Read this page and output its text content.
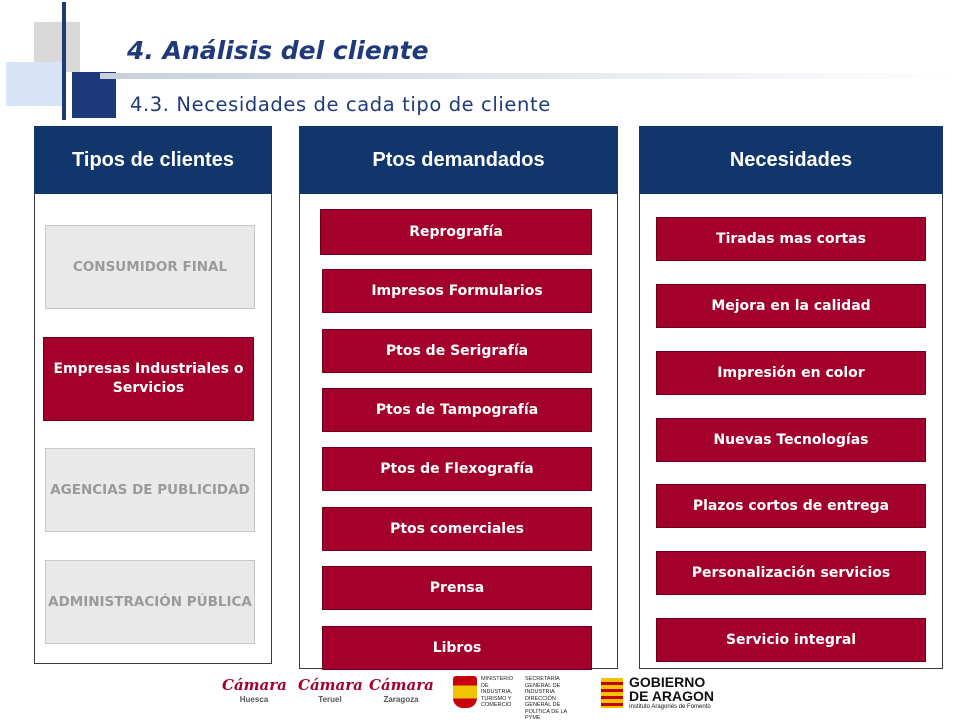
4. Análisis del cliente
4.3. Necesidades de cada tipo de cliente
Tipos de clientes
CONSUMIDOR FINAL
Empresas Industriales o Servicios
AGENCIAS DE PUBLICIDAD
ADMINISTRACIÓN PÚBLICA
Ptos demandados
Reprografía
Impresos Formularios
Ptos de Serigrafía
Ptos de Tampografía
Ptos de Flexografía
Ptos comerciales
Prensa
Libros
Necesidades
Tiradas mas cortas
Mejora en la calidad
Impresión en color
Nuevas Tecnologías
Plazos cortos de entrega
Personalización servicios
Servicio integral
Cámara
Huesca
Cámara
Teruel
Cámara
Zaragoza
MINISTERIO DE INDUSTRIA, TURISMO Y COMERCIO
SECRETARÍA GENERAL DE INDUSTRIA
DIRECCIÓN GENERAL DE POLÍTICA DE LA PYME
GOBIERNO
DE ARAGON
Instituto Aragonés de Fomento
